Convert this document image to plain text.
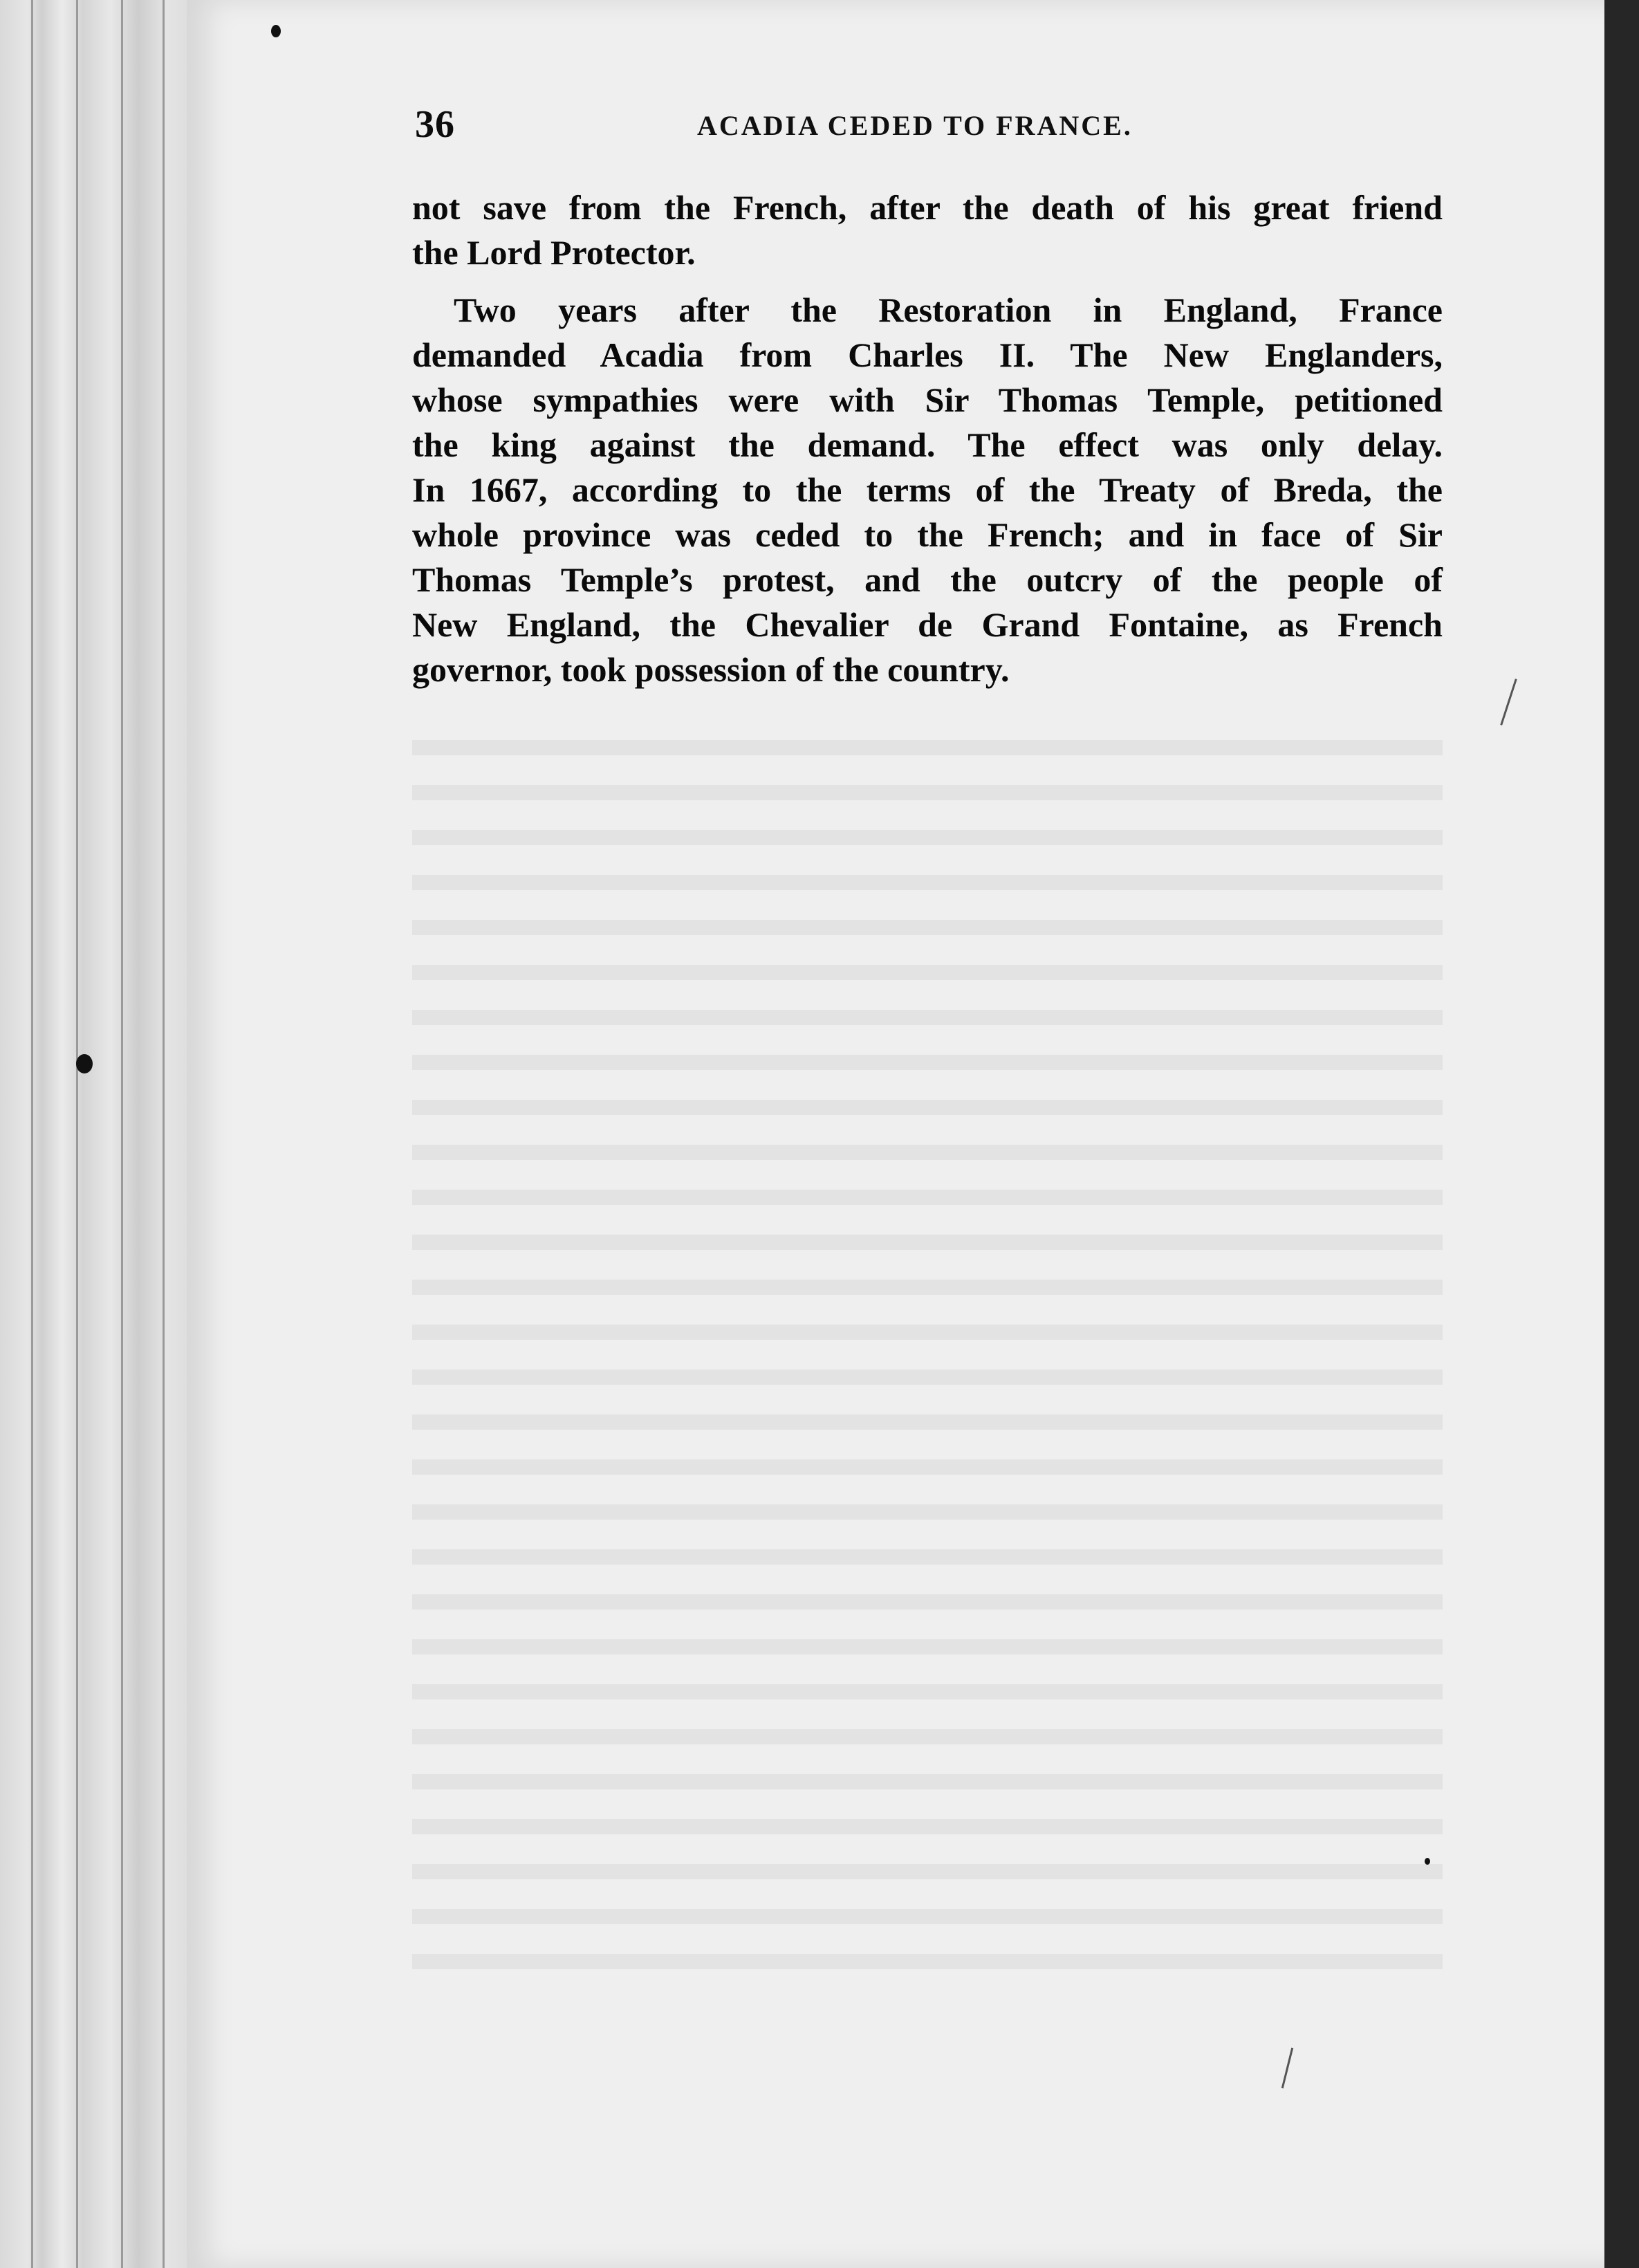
36	ACADIA CEDED TO FRANCE.
not save from the French, after the death of his great friend
the Lord Protector.
Two years after the Restoration in England, France
demanded Acadia from Charles II. The New Englanders,
whose sympathies were with Sir Thomas Temple, petitioned
the king against the demand. The effect was only delay.
In 1667, according to the terms of the Treaty of Breda, the
whole province was ceded to the French; and in face of Sir
Thomas Temple’s protest, and the outcry of the people of
New England, the Chevalier de Grand Fontaine, as French
governor, took possession of the country.
